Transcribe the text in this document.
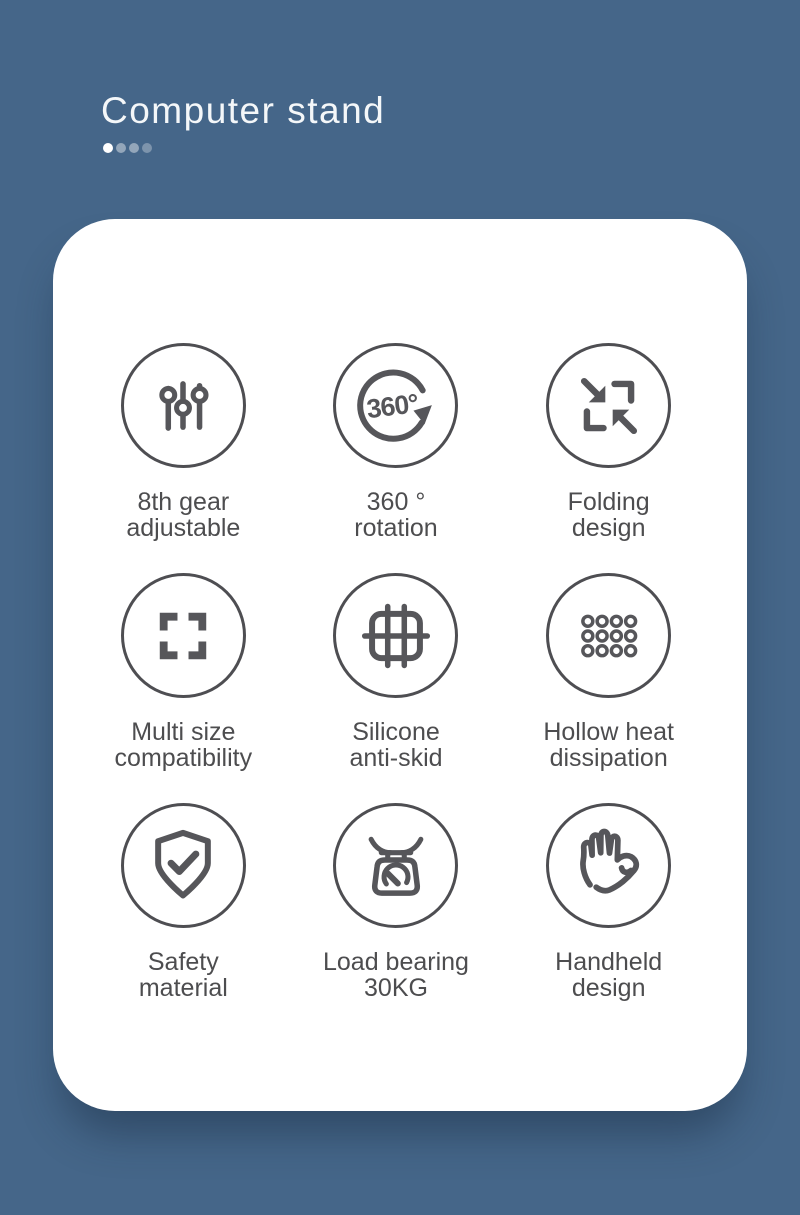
Computer stand
8th gear
adjustable
360°
360 °
rotation
Folding
design
Multi size
compatibility
Silicone
anti-skid
Hollow heat
dissipation
Safety
material
Load bearing
30KG
Handheld
design
